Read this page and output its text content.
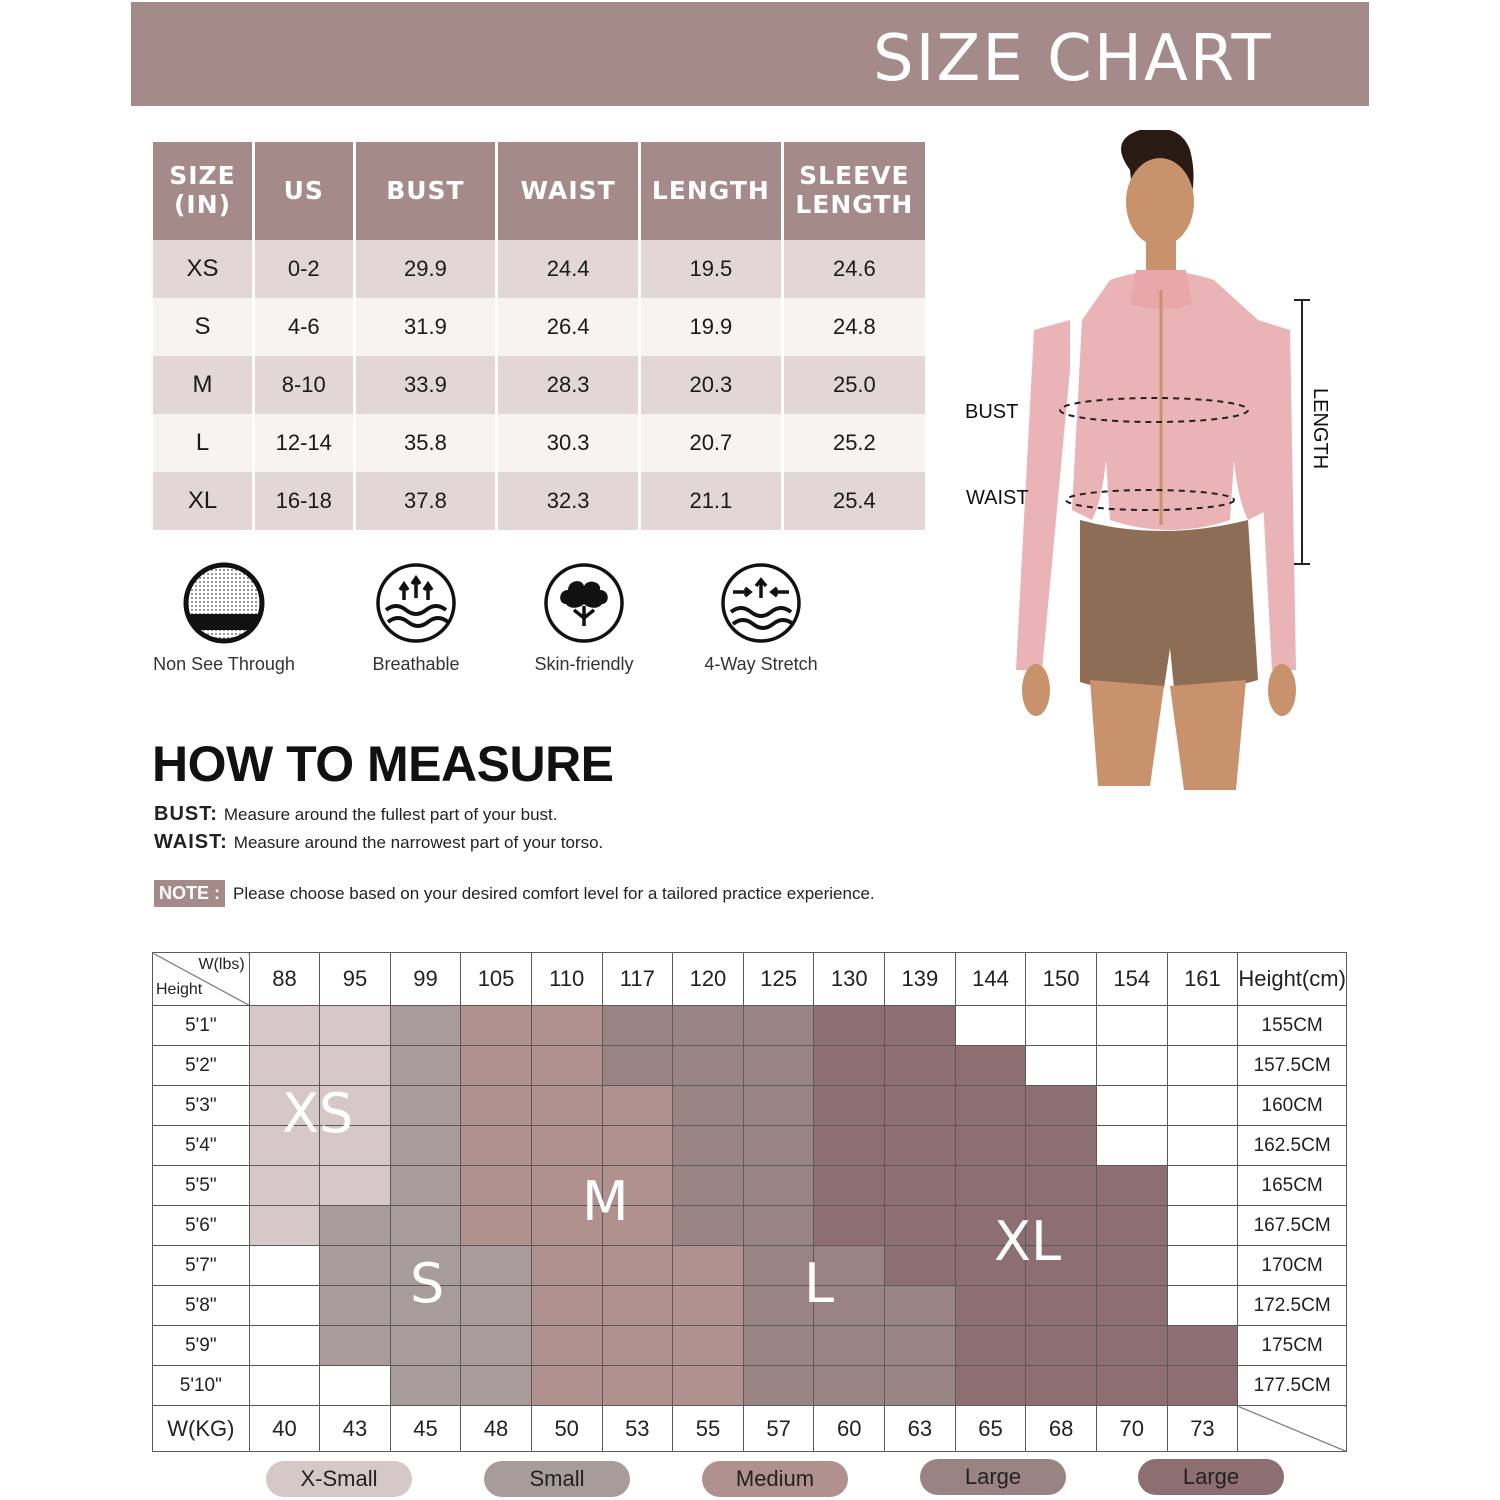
SIZE CHART
SIZE
(IN)	US	BUST	WAIST	LENGTH	SLEEVE
LENGTH
XS	0-2	29.9	24.4	19.5	24.6
S	4-6	31.9	26.4	19.9	24.8
M	8-10	33.9	28.3	20.3	25.0
L	12-14	35.8	30.3	20.7	25.2
XL	16-18	37.8	32.3	21.1	25.4
Non See Through	Breathable	Skin-friendly	4-Way Stretch
BUST
WAIST
LENGTH
HOW TO MEASURE
BUST: Measure around the fullest part of your bust.
WAIST: Measure around the narrowest part of your torso.
NOTE : Please choose based on your desired comfort level for a tailored practice experience.
W(lbs)
Height	88	95	99	105	110	117	120	125	130	139	144	150	154	161	Height(cm)
5'1"															155CM
5'2"															157.5CM
5'3"															160CM
5'4"															162.5CM
5'5"															165CM
5'6"															167.5CM
5'7"															170CM
5'8"															172.5CM
5'9"															175CM
5'10"															177.5CM
W(KG)	40	43	45	48	50	53	55	57	60	63	65	68	70	73	
XS
S
M
L
XL
X-Small	Small	Medium	Large	Large
